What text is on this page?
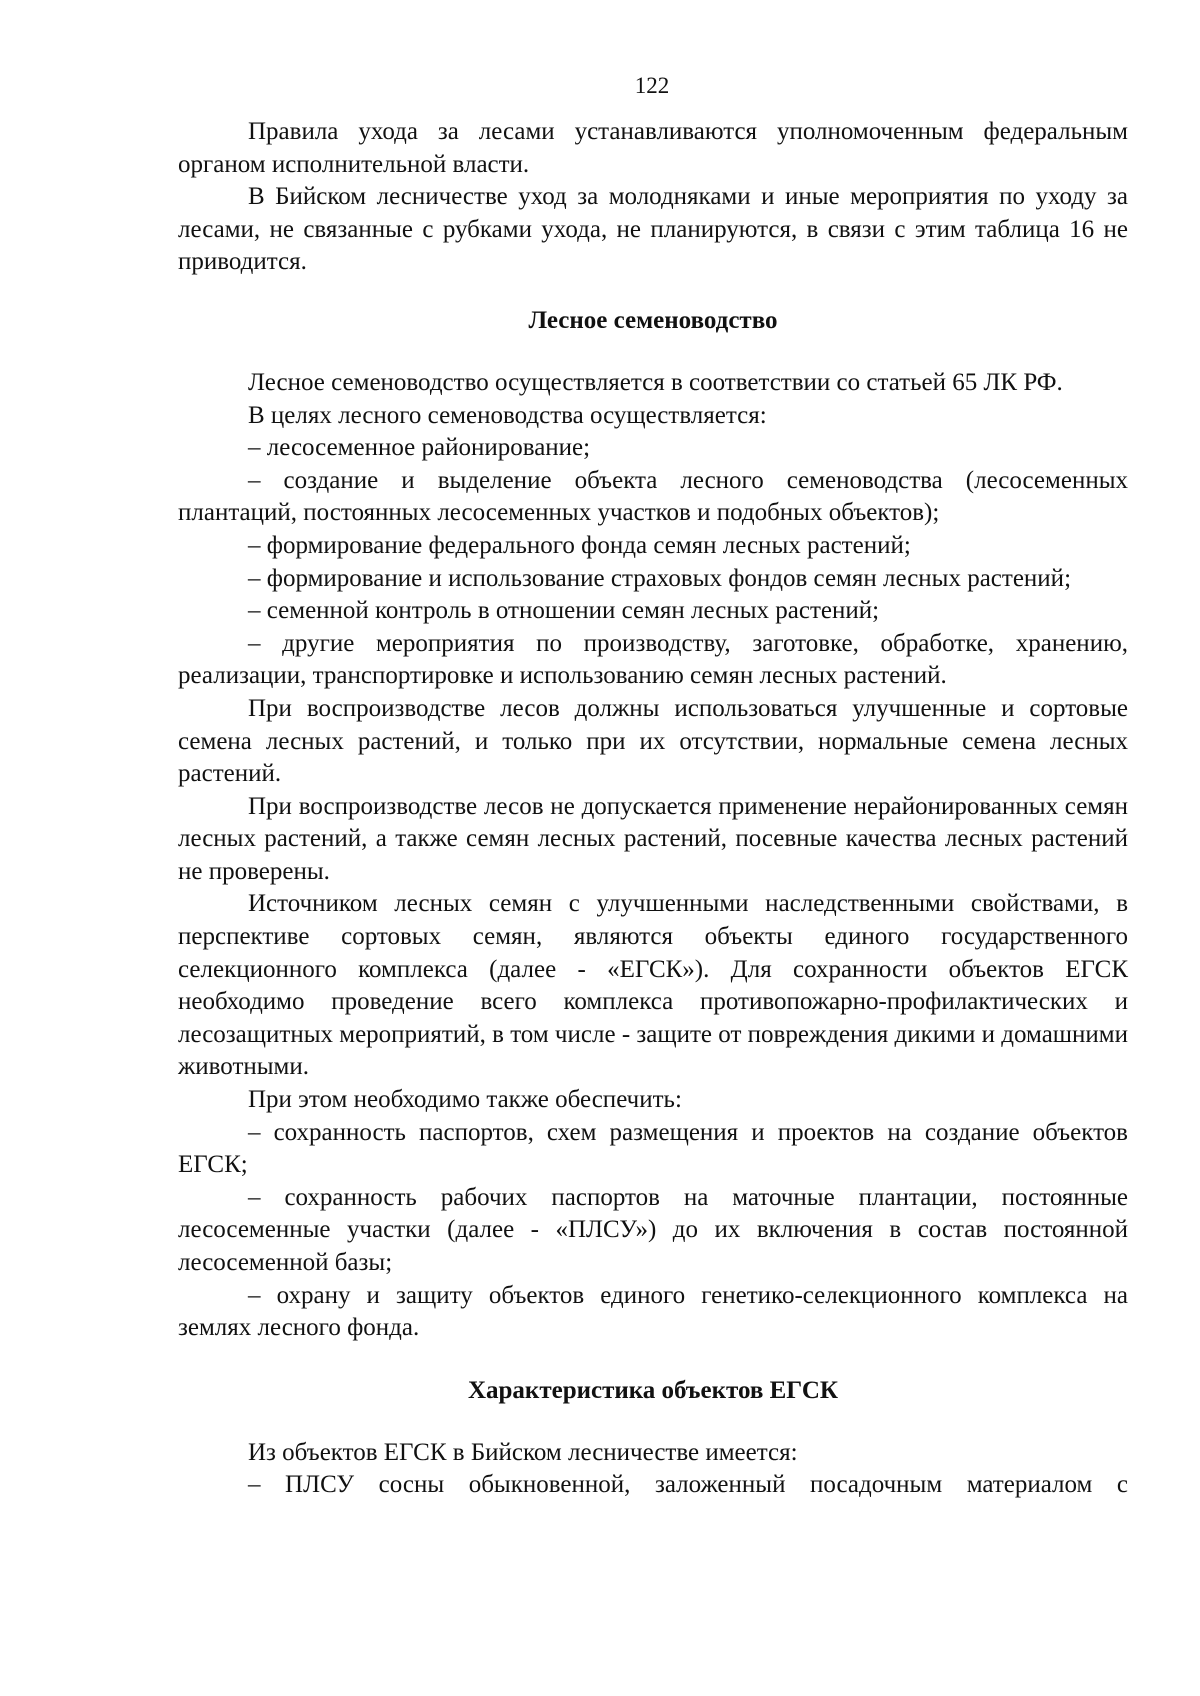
122

Правила ухода за лесами устанавливаются уполномоченным федеральным органом исполнительной власти.

В Бийском лесничестве уход за молодняками и иные мероприятия по уходу за лесами, не связанные с рубками ухода, не планируются, в связи с этим таблица 16 не приводится.

Лесное семеноводство

Лесное семеноводство осуществляется в соответствии со статьей 65 ЛК РФ.

В целях лесного семеноводства осуществляется:

– лесосеменное районирование;

– создание и выделение объекта лесного семеноводства (лесосеменных плантаций, постоянных лесосеменных участков и подобных объектов);

– формирование федерального фонда семян лесных растений;

– формирование и использование страховых фондов семян лесных растений;

– семенной контроль в отношении семян лесных растений;

– другие мероприятия по производству, заготовке, обработке, хранению, реализации, транспортировке и использованию семян лесных растений.

При воспроизводстве лесов должны использоваться улучшенные и сортовые семена лесных растений, и только при их отсутствии, нормальные семена лесных растений.

При воспроизводстве лесов не допускается применение нерайонированных семян лесных растений, а также семян лесных растений, посевные качества лесных растений не проверены.

Источником лесных семян с улучшенными наследственными свойствами, в перспективе сортовых семян, являются объекты единого государственного селекционного комплекса (далее - «ЕГСК»). Для сохранности объектов ЕГСК необходимо проведение всего комплекса противопожарно-профилактических и лесозащитных мероприятий, в том числе - защите от повреждения дикими и домашними животными.

При этом необходимо также обеспечить:

– сохранность паспортов, схем размещения и проектов на создание объектов ЕГСК;

– сохранность рабочих паспортов на маточные плантации, постоянные лесосеменные участки (далее - «ПЛСУ») до их включения в состав постоянной лесосеменной базы;

– охрану и защиту объектов единого генетико-селекционного комплекса на землях лесного фонда.

Характеристика объектов ЕГСК

Из объектов ЕГСК в Бийском лесничестве имеется:

– ПЛСУ сосны обыкновенной, заложенный посадочным материалом с
